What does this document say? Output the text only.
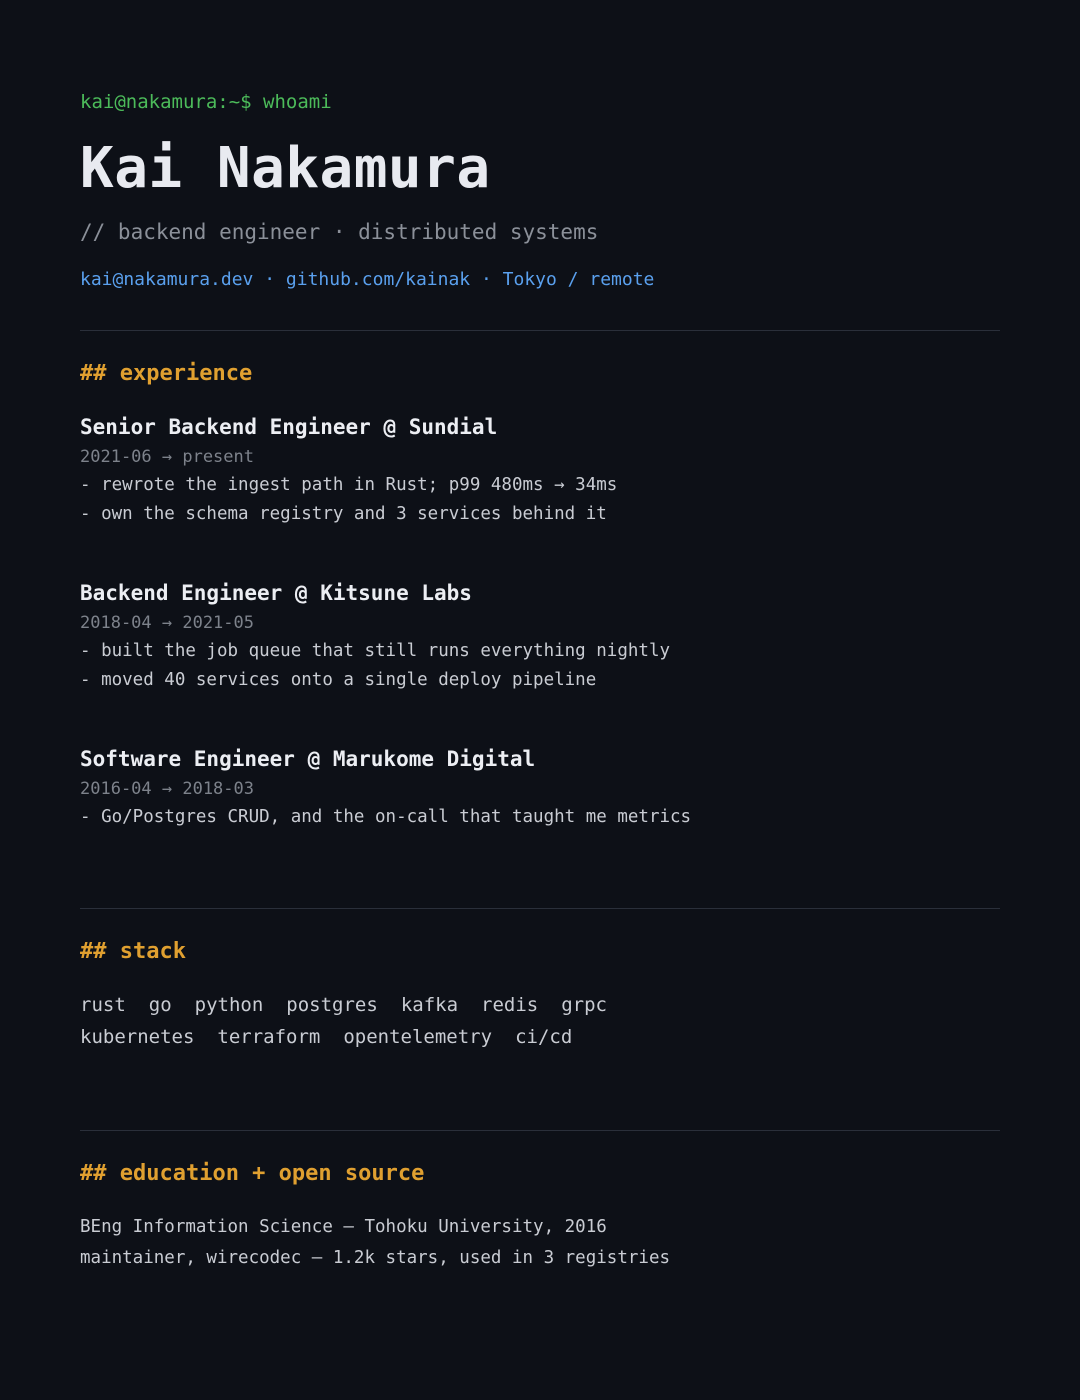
kai@nakamura:~$ whoami
Kai Nakamura
// backend engineer · distributed systems
kai@nakamura.dev · github.com/kainak · Tokyo / remote
## experience
Senior Backend Engineer @ Sundial
2021-06 → present
- rewrote the ingest path in Rust; p99 480ms → 34ms
- own the schema registry and 3 services behind it
Backend Engineer @ Kitsune Labs
2018-04 → 2021-05
- built the job queue that still runs everything nightly
- moved 40 services onto a single deploy pipeline
Software Engineer @ Marukome Digital
2016-04 → 2018-03
- Go/Postgres CRUD, and the on-call that taught me metrics
## stack
rust go python postgres kafka redis grpc
kubernetes terraform opentelemetry ci/cd
## education + open source
BEng Information Science — Tohoku University, 2016
maintainer, wirecodec — 1.2k stars, used in 3 registries
